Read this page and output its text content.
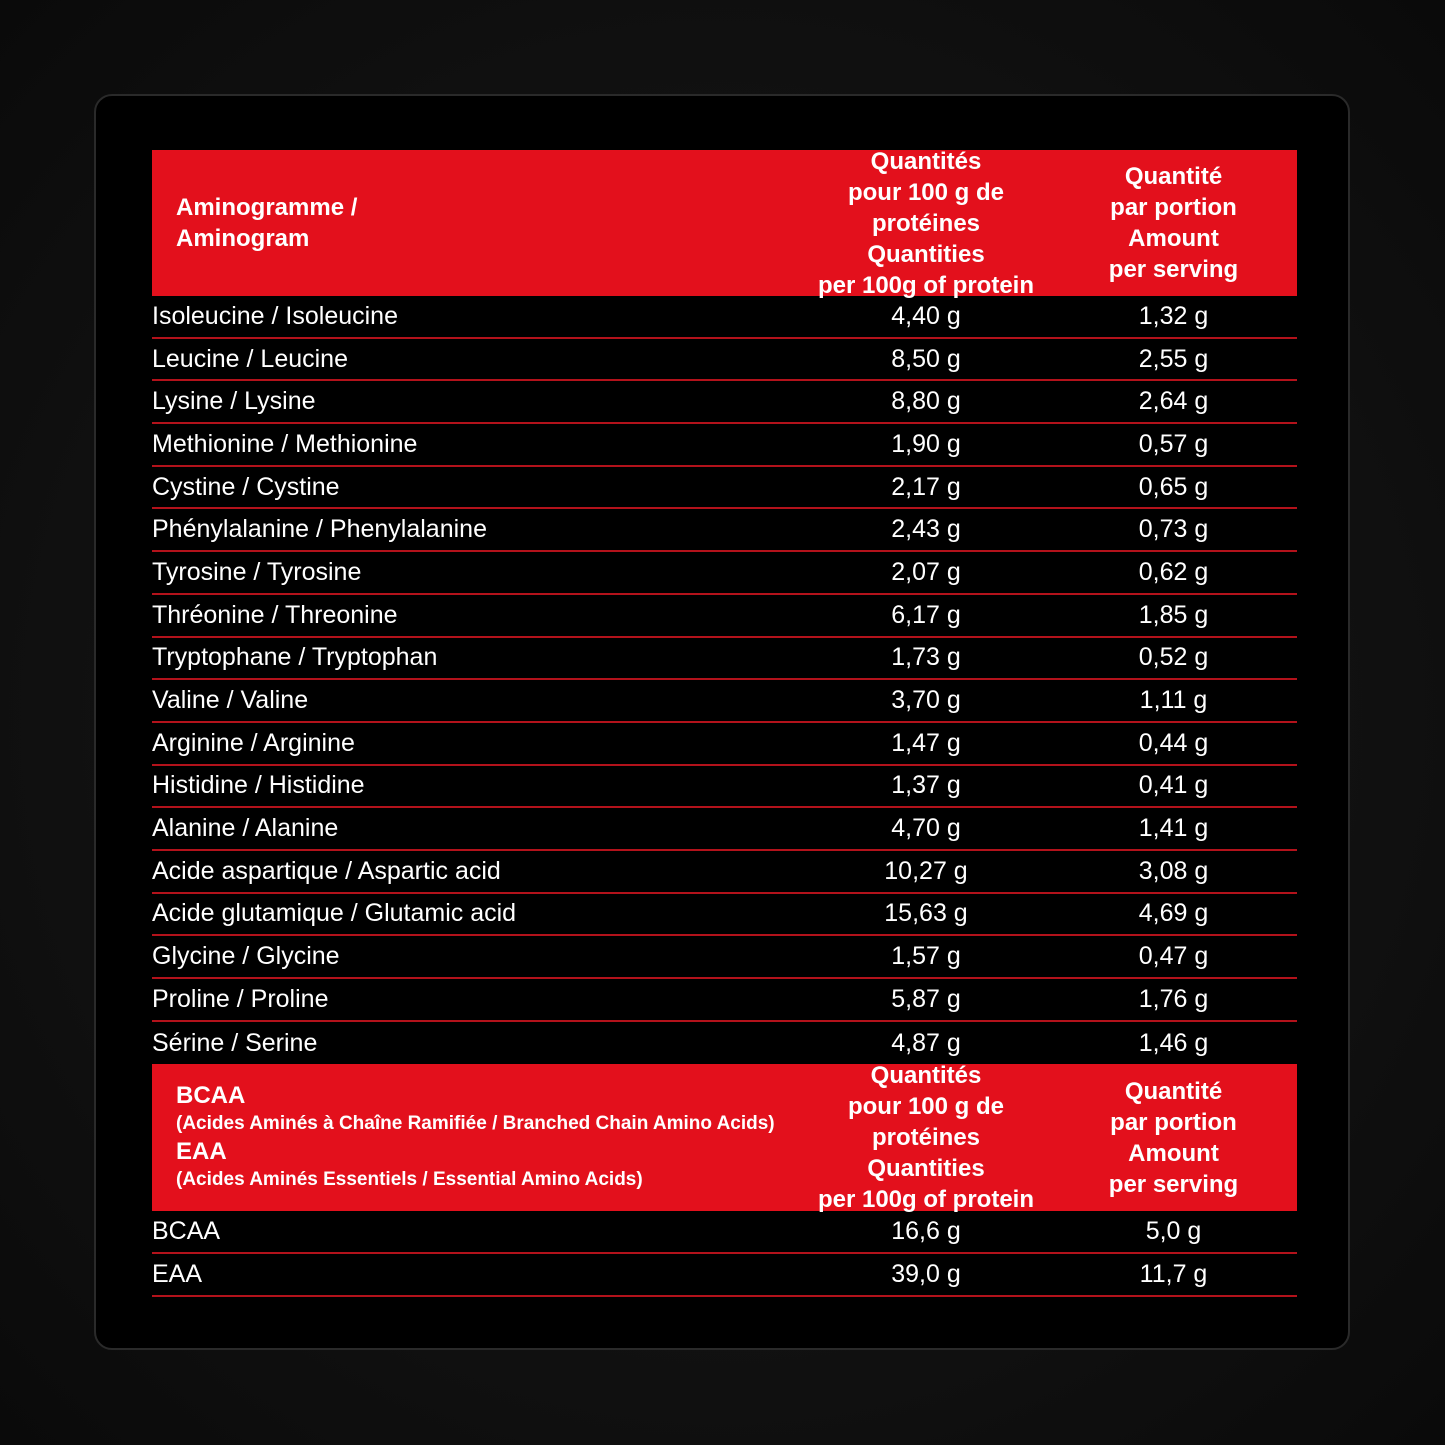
Aminogramme /
Aminogram
Quantités
pour 100 g de protéines
Quantities
per 100g of protein
Quantité
par portion
Amount
per serving
Isoleucine / Isoleucine	4,40 g	1,32 g
Leucine / Leucine	8,50 g	2,55 g
Lysine / Lysine	8,80 g	2,64 g
Methionine / Methionine	1,90 g	0,57 g
Cystine / Cystine	2,17 g	0,65 g
Phénylalanine / Phenylalanine	2,43 g	0,73 g
Tyrosine / Tyrosine	2,07 g	0,62 g
Thréonine / Threonine	6,17 g	1,85 g
Tryptophane / Tryptophan	1,73 g	0,52 g
Valine / Valine	3,70 g	1,11 g
Arginine / Arginine	1,47 g	0,44 g
Histidine / Histidine	1,37 g	0,41 g
Alanine / Alanine	4,70 g	1,41 g
Acide aspartique / Aspartic acid	10,27 g	3,08 g
Acide glutamique / Glutamic acid	15,63 g	4,69 g
Glycine / Glycine	1,57 g	0,47 g
Proline / Proline	5,87 g	1,76 g
Sérine / Serine	4,87 g	1,46 g
BCAA
(Acides Aminés à Chaîne Ramifiée / Branched Chain Amino Acids)
EAA
(Acides Aminés Essentiels / Essential Amino Acids)
Quantités
pour 100 g de protéines
Quantities
per 100g of protein
Quantité
par portion
Amount
per serving
BCAA	16,6 g	5,0 g
EAA	39,0 g	11,7 g
